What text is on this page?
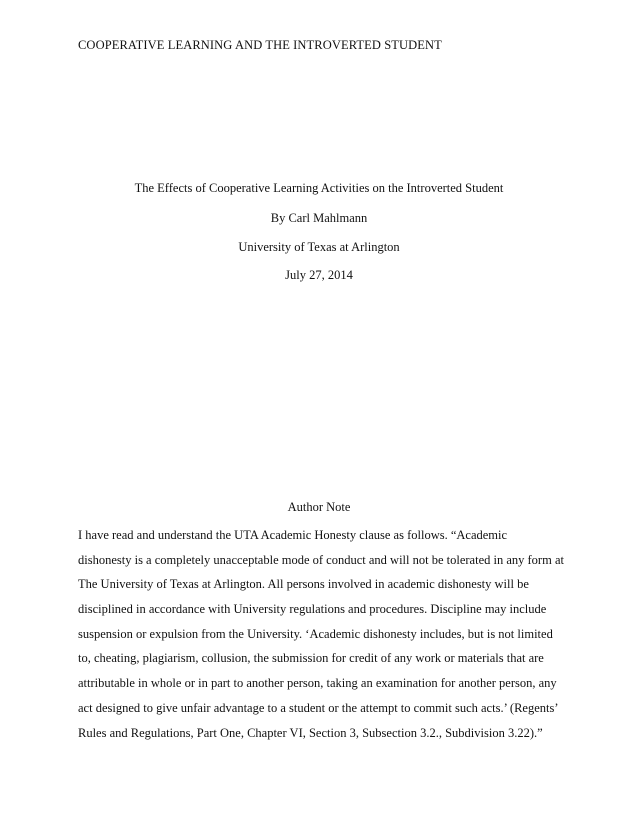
COOPERATIVE LEARNING AND THE INTROVERTED STUDENT
The Effects of Cooperative Learning Activities on the Introverted Student
By Carl Mahlmann
University of Texas at Arlington
July 27, 2014
Author Note
I have read and understand the UTA Academic Honesty clause as follows. “Academic
dishonesty is a completely unacceptable mode of conduct and will not be tolerated in any form at
The University of Texas at Arlington. All persons involved in academic dishonesty will be
disciplined in accordance with University regulations and procedures. Discipline may include
suspension or expulsion from the University. ‘Academic dishonesty includes, but is not limited
to, cheating, plagiarism, collusion, the submission for credit of any work or materials that are
attributable in whole or in part to another person, taking an examination for another person, any
act designed to give unfair advantage to a student or the attempt to commit such acts.’ (Regents’
Rules and Regulations, Part One, Chapter VI, Section 3, Subsection 3.2., Subdivision 3.22).”
